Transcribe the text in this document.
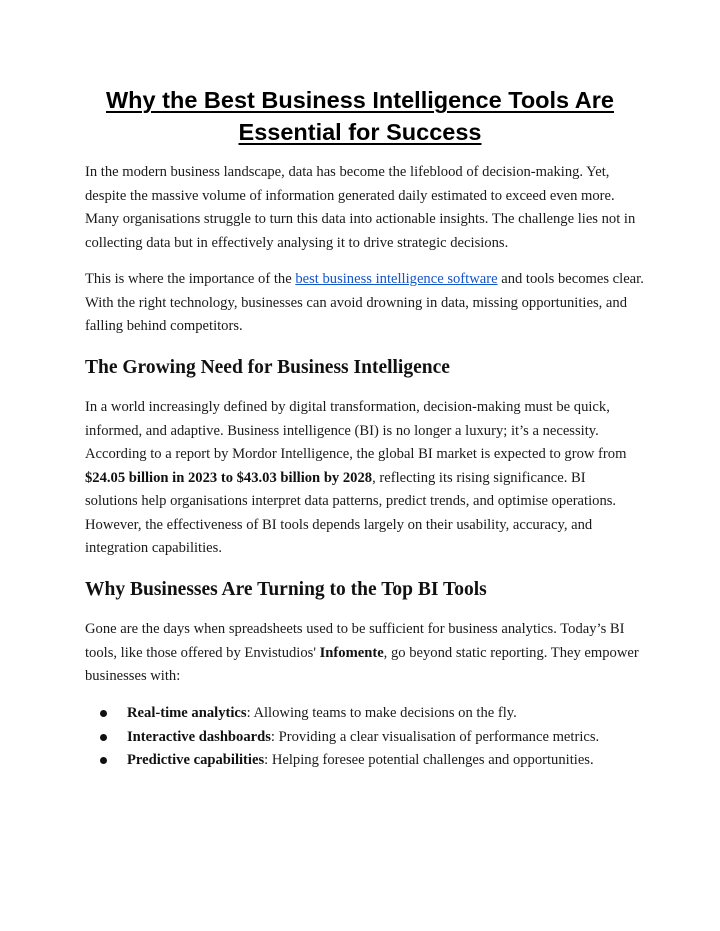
Why the Best Business Intelligence Tools Are
Essential for Success

In the modern business landscape, data has become the lifeblood of decision-making. Yet,
despite the massive volume of information generated daily estimated to exceed even more.
Many organisations struggle to turn this data into actionable insights. The challenge lies not in
collecting data but in effectively analysing it to drive strategic decisions.

This is where the importance of the best business intelligence software and tools becomes clear.
With the right technology, businesses can avoid drowning in data, missing opportunities, and
falling behind competitors.

The Growing Need for Business Intelligence

In a world increasingly defined by digital transformation, decision-making must be quick,
informed, and adaptive. Business intelligence (BI) is no longer a luxury; it’s a necessity.
According to a report by Mordor Intelligence, the global BI market is expected to grow from
$24.05 billion in 2023 to $43.03 billion by 2028, reflecting its rising significance. BI
solutions help organisations interpret data patterns, predict trends, and optimise operations.
However, the effectiveness of BI tools depends largely on their usability, accuracy, and
integration capabilities.

Why Businesses Are Turning to the Top BI Tools

Gone are the days when spreadsheets used to be sufficient for business analytics. Today’s BI
tools, like those offered by Envistudios' Infomente, go beyond static reporting. They empower
businesses with:

Real-time analytics: Allowing teams to make decisions on the fly.
Interactive dashboards: Providing a clear visualisation of performance metrics.
Predictive capabilities: Helping foresee potential challenges and opportunities.
